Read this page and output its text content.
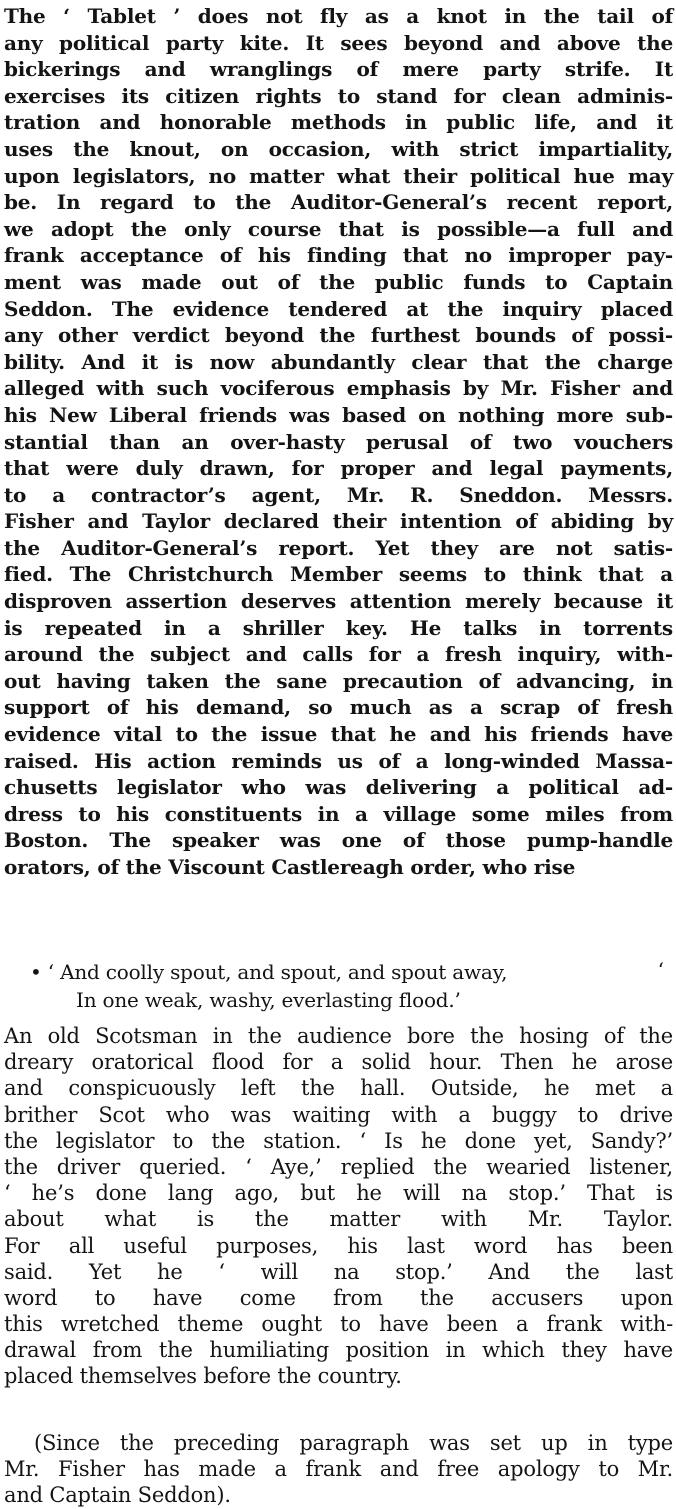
The ‘ Tablet ’ does not fly as a knot in the tail of
any political party kite. It sees beyond and above the
bickerings and wranglings of mere party strife. It
exercises its citizen rights to stand for clean adminis-
tration and honorable methods in public life, and it
uses the knout, on occasion, with strict impartiality,
upon legislators, no matter what their political hue may
be. In regard to the Auditor-General’s recent report,
we adopt the only course that is possible—a full and
frank acceptance of his finding that no improper pay-
ment was made out of the public funds to Captain
Seddon. The evidence tendered at the inquiry placed
any other verdict beyond the furthest bounds of possi-
bility. And it is now abundantly clear that the charge
alleged with such vociferous emphasis by Mr. Fisher and
his New Liberal friends was based on nothing more sub-
stantial than an over-hasty perusal of two vouchers
that were duly drawn, for proper and legal payments,
to a contractor’s agent, Mr. R. Sneddon. Messrs.
Fisher and Taylor declared their intention of abiding by
the Auditor-General’s report. Yet they are not satis-
fied. The Christchurch Member seems to think that a
disproven assertion deserves attention merely because it
is repeated in a shriller key. He talks in torrents
around the subject and calls for a fresh inquiry, with-
out having taken the sane precaution of advancing, in
support of his demand, so much as a scrap of fresh
evidence vital to the issue that he and his friends have
raised. His action reminds us of a long-winded Massa-
chusetts legislator who was delivering a political ad-
dress to his constituents in a village some miles from
Boston. The speaker was one of those pump-handle
orators, of the Viscount Castlereagh order, who rise
• ‘ And coolly spout, and spout, and spout away,	‘
In one weak, washy, everlasting flood.’
An old Scotsman in the audience bore the hosing of the
dreary oratorical flood for a solid hour. Then he arose
and conspicuously left the hall. Outside, he met a
brither Scot who was waiting with a buggy to drive
the legislator to the station. ‘ Is he done yet, Sandy?’
the driver queried. ‘ Aye,’ replied the wearied listener,
‘ he’s done lang ago, but he will na stop.’ That is
about what is the matter with Mr. Taylor.
For all useful purposes, his last word has been
said. Yet he ‘ will na stop.’ And the last
word to have come from the accusers upon
this wretched theme ought to have been a frank with-
drawal from the humiliating position in which they have
placed themselves before the country.
(Since the preceding paragraph was set up in type
Mr. Fisher has made a frank and free apology to Mr.
and Captain Seddon).
